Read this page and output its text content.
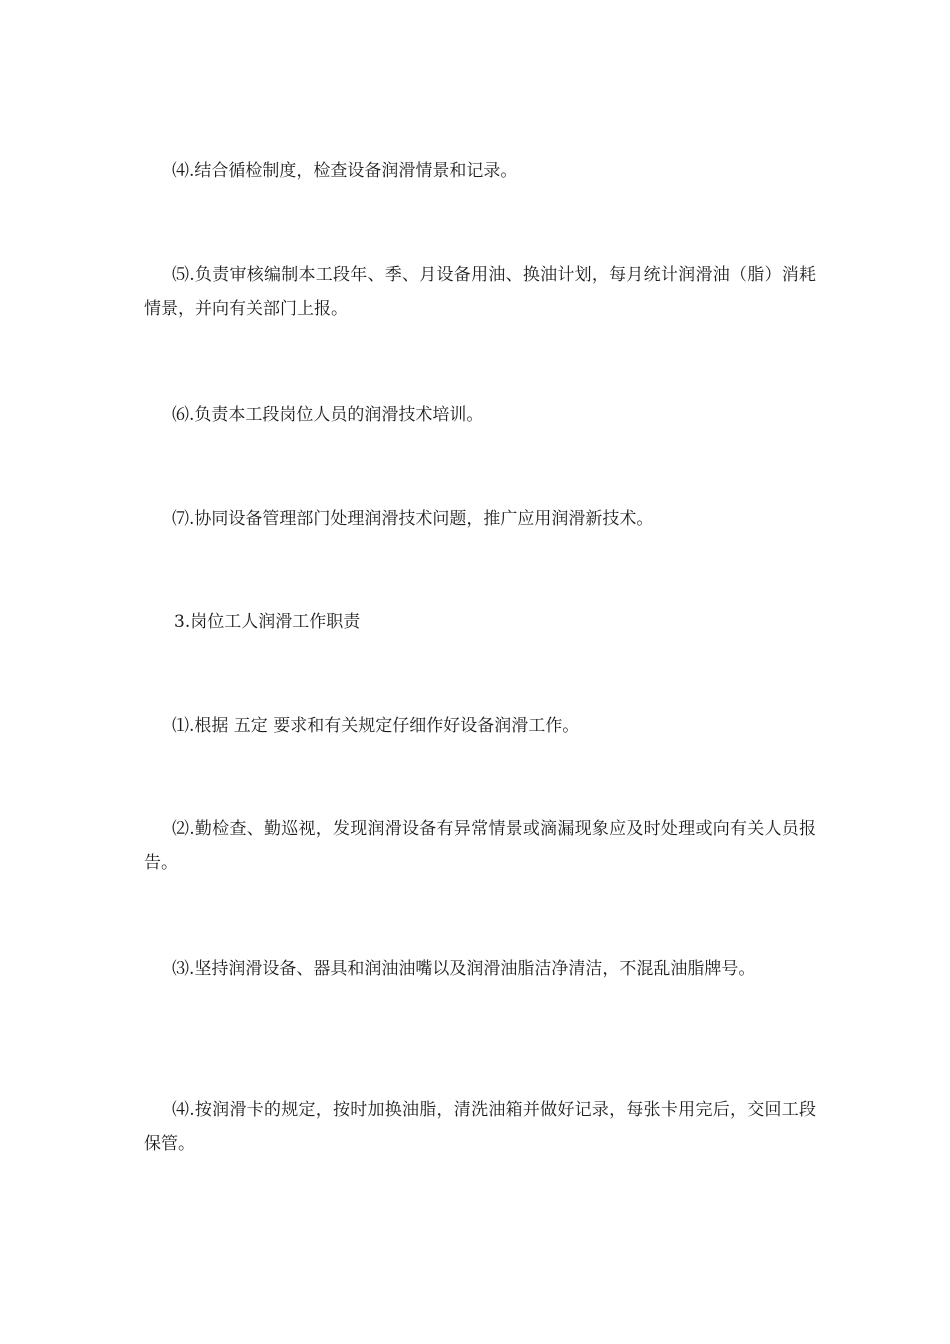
⑷.结合循检制度，检查设备润滑情景和记录。

⑸.负责审核编制本工段年、季、月设备用油、换油计划，每月统计润滑油（脂）消耗情景，并向有关部门上报。

⑹.负责本工段岗位人员的润滑技术培训。

⑺.协同设备管理部门处理润滑技术问题，推广应用润滑新技术。

3.岗位工人润滑工作职责

⑴.根据 五定 要求和有关规定仔细作好设备润滑工作。

⑵.勤检查、勤巡视，发现润滑设备有异常情景或滴漏现象应及时处理或向有关人员报告。

⑶.坚持润滑设备、器具和润油油嘴以及润滑油脂洁净清洁，不混乱油脂牌号。

⑷.按润滑卡的规定，按时加换油脂，清洗油箱并做好记录，每张卡用完后，交回工段保管。
